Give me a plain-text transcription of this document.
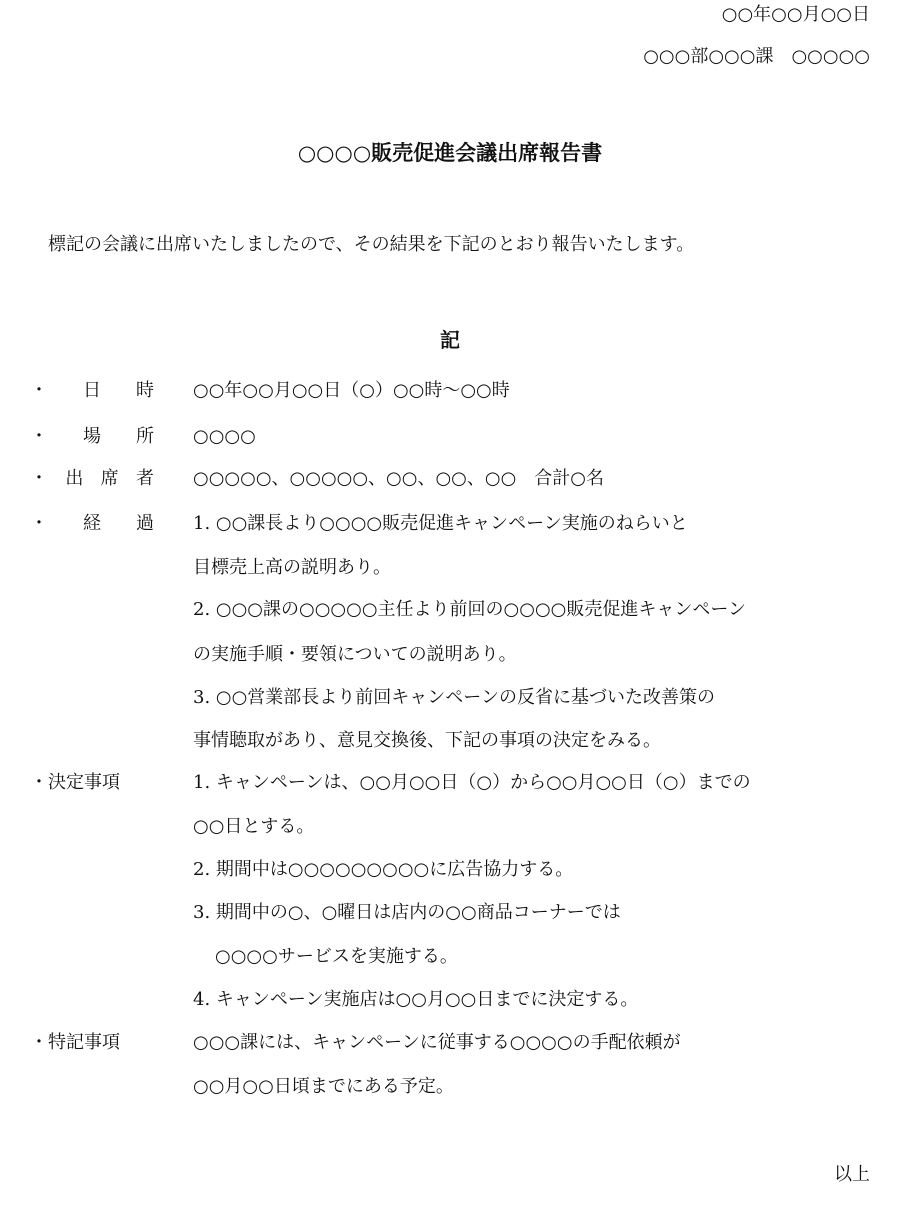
○○年○○月○○日
○○○部○○○課　○○○○○
○○○○販売促進会議出席報告書
標記の会議に出席いたしましたので、その結果を下記のとおり報告いたします。
記
・ 日 時 ○○年○○月○○日（○）○○時～○○時
・ 場 所 ○○○○
・ 出 席 者 ○○○○○、○○○○○、○○、○○、○○　合計○名
・ 経 過 1. ○○課長より○○○○販売促進キャンペーン実施のねらいと
目標売上高の説明あり。
2. ○○○課の○○○○○主任より前回の○○○○販売促進キャンペーン
の実施手順・要領についての説明あり。
3. ○○営業部長より前回キャンペーンの反省に基づいた改善策の
事情聴取があり、意見交換後、下記の事項の決定をみる。
・決定事項	1. キャンペーンは、○○月○○日（○）から○○月○○日（○）までの
○○日とする。
2. 期間中は○○○○○○○○○に広告協力する。
3. 期間中の○、○曜日は店内の○○商品コーナーでは
○○○○サービスを実施する。
4. キャンペーン実施店は○○月○○日までに決定する。
・特記事項	○○○課には、キャンペーンに従事する○○○○の手配依頼が
○○月○○日頃までにある予定。
以上
